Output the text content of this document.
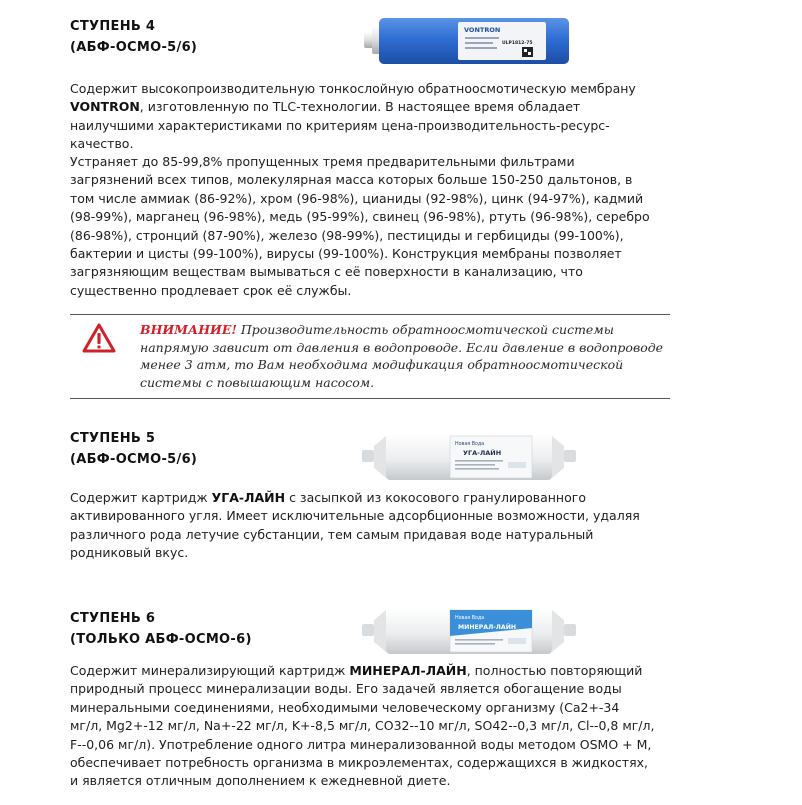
СТУПЕНЬ 4
(АБФ-ОСМО-5/6)
VONTRON
ULP1812-75
Содержит высокопроизводительную тонкослойную обратноосмотическую мембрану
VONTRON, изготовленную по TLC-технологии. В настоящее время обладает
наилучшими характеристиками по критериям цена-производительность-ресурс-
качество.
Устраняет до 85-99,8% пропущенных тремя предварительными фильтрами
загрязнений всех типов, молекулярная масса которых больше 150-250 дальтонов, в
том числе аммиак (86-92%), хром (96-98%), цианиды (92-98%), цинк (94-97%), кадмий
(98-99%), марганец (96-98%), медь (95-99%), свинец (96-98%), ртуть (96-98%), серебро
(86-98%), стронций (87-90%), железо (98-99%), пестициды и гербициды (99-100%),
бактерии и цисты (99-100%), вирусы (99-100%). Конструкция мембраны позволяет
загрязняющим веществам вымываться с её поверхности в канализацию, что
существенно продлевает срок её службы.
ВНИМАНИЕ! Производительность обратноосмотической системы
напрямую зависит от давления в водопроводе. Если давление в водопроводе
менее 3 атм, то Вам необходима модификация обратноосмотической
системы с повышающим насосом.
СТУПЕНЬ 5
(АБФ-ОСМО-5/6)
Новая Вода
УГА-ЛАЙН
Содержит картридж УГА-ЛАЙН с засыпкой из кокосового гранулированного
активированного угля. Имеет исключительные адсорбционные возможности, удаляя
различного рода летучие субстанции, тем самым придавая воде натуральный
родниковый вкус.
СТУПЕНЬ 6
(ТОЛЬКО АБФ-ОСМО-6)
Новая Вода
МИНЕРАЛ-ЛАЙН
Содержит минерализирующий картридж МИНЕРАЛ-ЛАЙН, полностью повторяющий
природный процесс минерализации воды. Его задачей является обогащение воды
минеральными соединениями, необходимыми человеческому организму (Ca2+-34
мг/л, Mg2+-12 мг/л, Na+-22 мг/л, K+-8,5 мг/л, CO32--10 мг/л, SO42--0,3 мг/л, Cl--0,8 мг/л,
F--0,06 мг/л). Употребление одного литра минерализованной воды методом OSMO + M,
обеспечивает потребность организма в микроэлементах, содержащихся в жидкостях,
и является отличным дополнением к ежедневной диете.
